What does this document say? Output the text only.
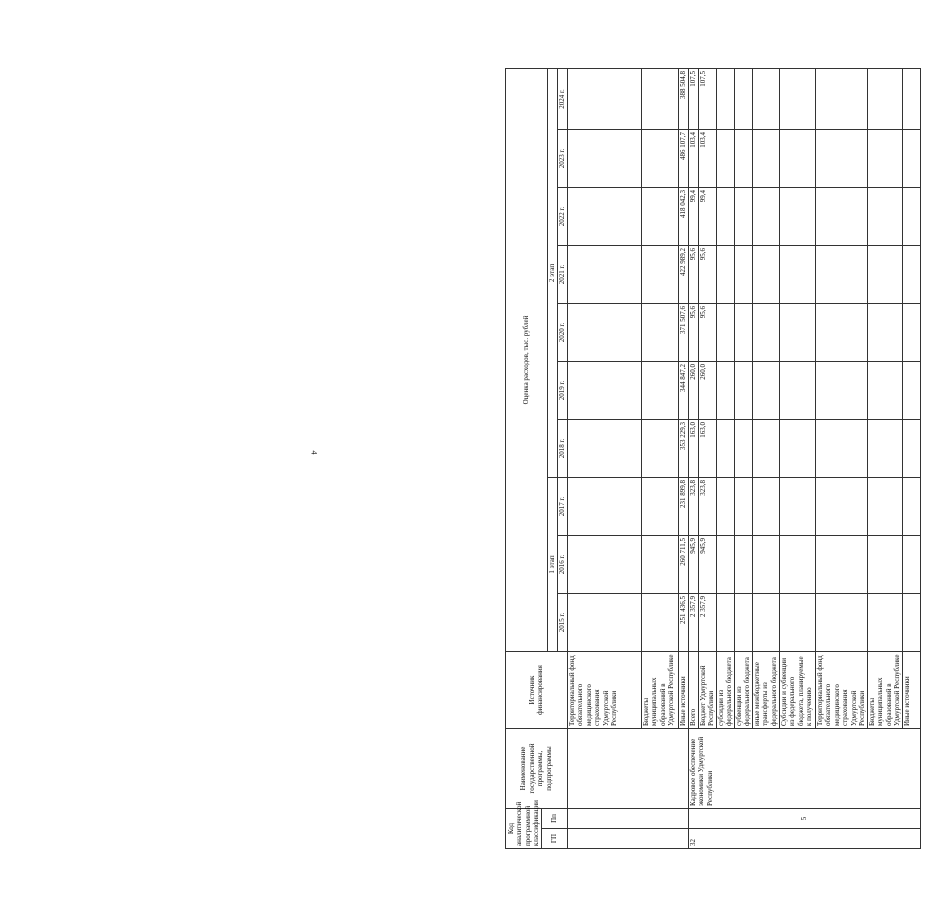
4
Код аналитической программной классификации		Наименование государственной программы, подпрограммы	Источник финансирования	Оценка расходов, тыс. рублей									
ГП	Пп												
				1 этап			2 этап						
				2015 г.	2016 г.	2017 г.	2018 г.	2019 г.	2020 г.	2021 г.	2022 г.	2023 г.	2024 г.
			Территориальный фонд обязательного медицинского страхования Удмуртской Республики										
			Бюджеты муниципальных образований в Удмуртской Республике										
			Иные источники	251 436,5	260 711,5	231 899,8	353 229,3	344 847,2	371 507,6	422 989,2	418 042,3	486 107,7	388 504,8
32	5	Кадровое обеспечение экономики Удмуртской Республики	Всего	2 357,9	945,9	323,8	163,0	260,0	95,6	95,6	99,4	103,4	107,5
			Бюджет Удмуртской Республики	2 357,9	945,9	323,8	163,0	260,0	95,6	95,6	99,4	103,4	107,5
			субсидии из федерального бюджета										
			субвенции из федерального бюджета										
			иные межбюджетные трансферты из федерального бюджета										
			Субсидии и субвенции из федерального бюджета, планируемые к получению										
			Территориальный фонд обязательного медицинского страхования Удмуртской Республики										
			Бюджеты муниципальных образований в Удмуртской Республике										
			Иные источники										
